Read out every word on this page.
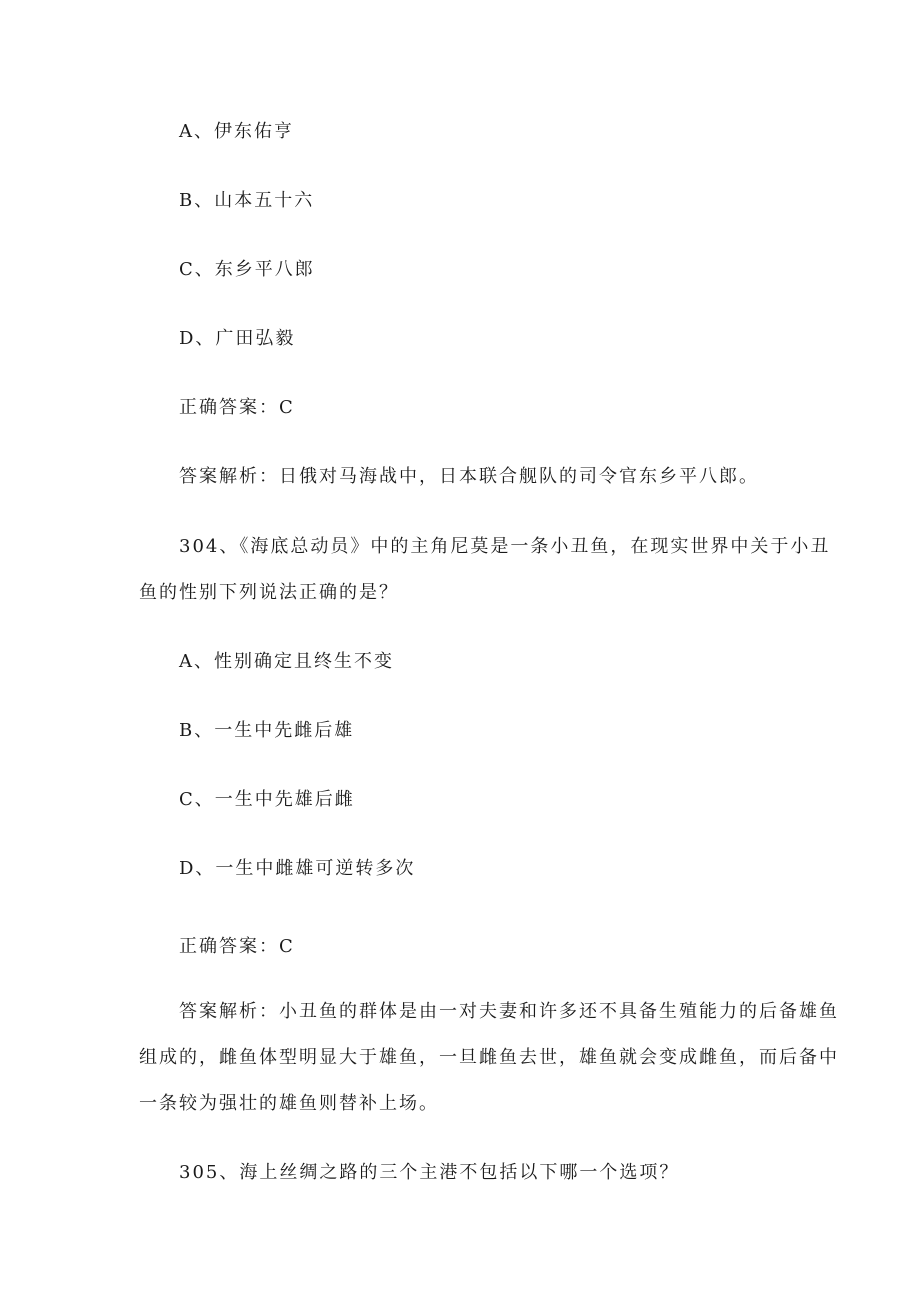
A、伊东佑亨
B、山本五十六
C、东乡平八郎
D、广田弘毅
正确答案：C
答案解析：日俄对马海战中，日本联合舰队的司令官东乡平八郎。
304、《海底总动员》中的主角尼莫是一条小丑鱼，在现实世界中关于小丑
鱼的性别下列说法正确的是？
A、性别确定且终生不变
B、一生中先雌后雄
C、一生中先雄后雌
D、一生中雌雄可逆转多次
正确答案：C
答案解析：小丑鱼的群体是由一对夫妻和许多还不具备生殖能力的后备雄鱼
组成的，雌鱼体型明显大于雄鱼，一旦雌鱼去世，雄鱼就会变成雌鱼，而后备中
一条较为强壮的雄鱼则替补上场。
305、海上丝绸之路的三个主港不包括以下哪一个选项？
